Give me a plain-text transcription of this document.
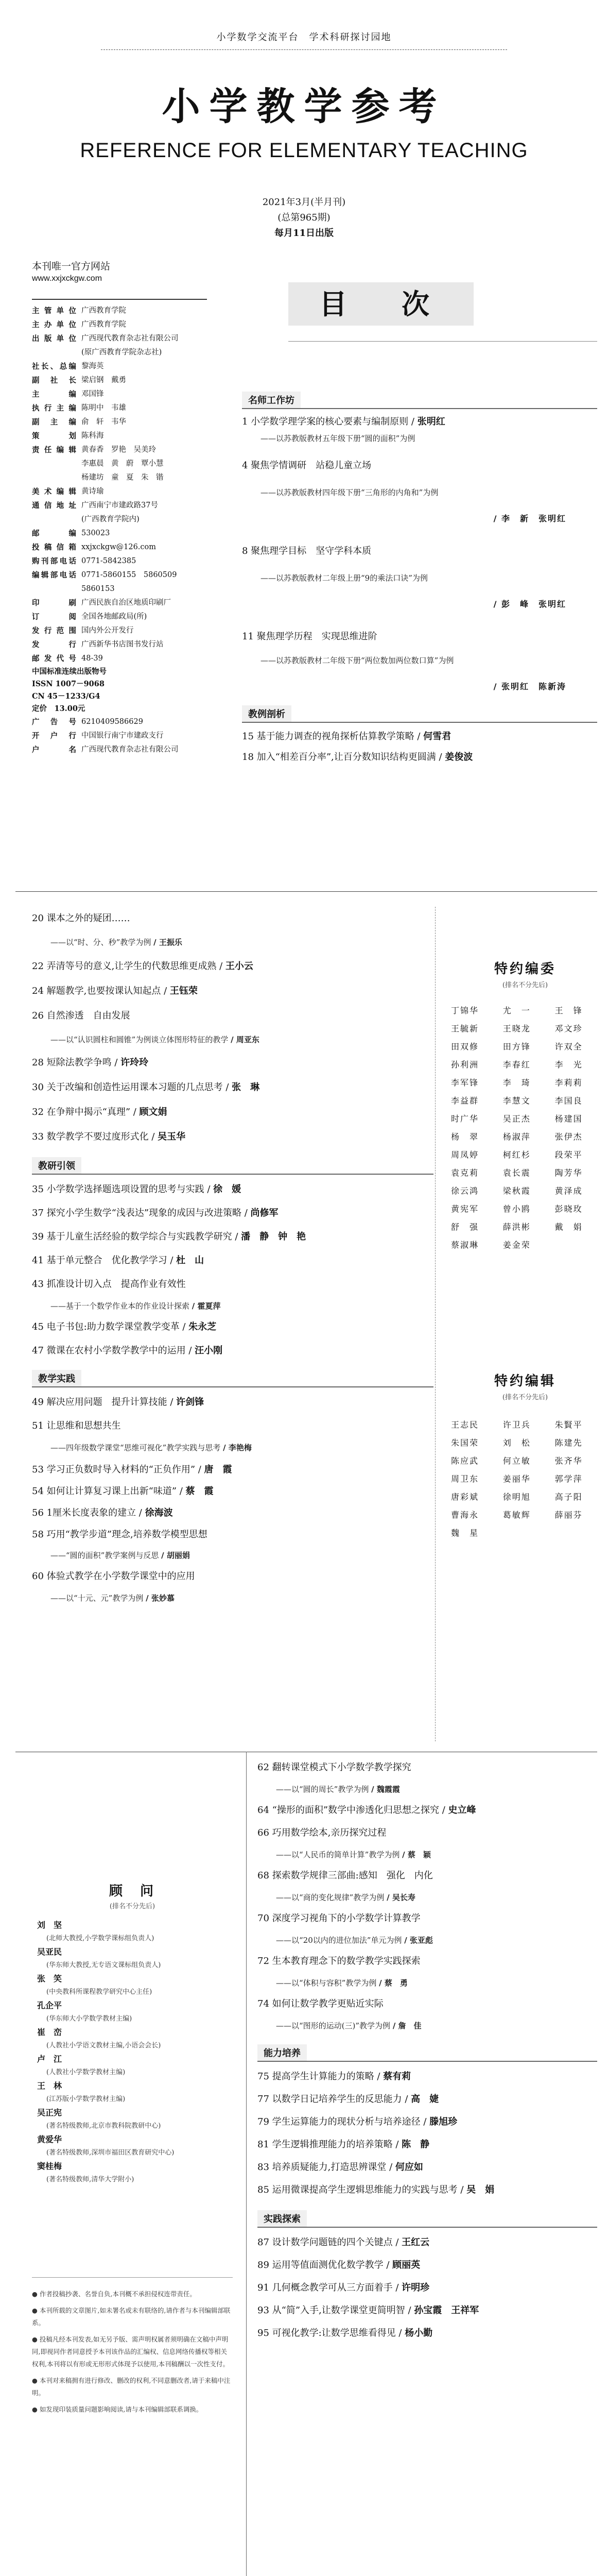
小学数学交流平台　学术科研探讨园地
小学教学参考
REFERENCE FOR ELEMENTARY TEACHING
2021年3月(半月刊)
(总第965期)
每月11日出版
本刊唯一官方网站
www.xxjxckgw.com
主管单位 广西教育学院
主办单位 广西教育学院
出版单位 广西现代教育杂志社有限公司
(原广西教育学院杂志社)
社长、总编 黎海英
副社长 梁启钢　戴勇
主编 邓国锋
执行主编 陈明中　韦雄
副主编 俞　轩　韦华
策划 陈科海
责任编辑 黄春香　罗艳　吴美玲
李惠晨　黄　蔚　覃小慧
杨建坊　童　夏　朱　锴
美术编辑 黄诗瑜
通信地址 广西南宁市建政路37号
(广西教育学院内)
邮编 530023
投稿信箱 xxjxckgw@126.com
购刊部电话 0771-5842385
编辑部电话 0771-5860155　5860509
5860153
印刷 广西民族自治区地质印刷厂
订阅 全国各地邮政局(所)
发行范围 国内外公开发行
发行 广西新华书店图书发行站
邮发代号 48-39
中国标准连续出版物号
ISSN 1007－9068
CN 45－1233/G4
定价　13.00元
广告号 6210409586629
开户行 中国银行南宁市建政支行
户名 广西现代教育杂志社有限公司
目　次
名师工作坊
1 小学数学理学案的核心要素与编制原则 / 张明红
——以苏教版教材五年级下册“圆的面积”为例
4 聚焦学情调研　站稳儿童立场
——以苏教版教材四年级下册“三角形的内角和”为例
/ 李　新　张明红
8 聚焦理学目标　坚守学科本质
——以苏教版教材二年级上册“9的乘法口诀”为例
/ 彭　峰　张明红
11 聚焦理学历程　实现思维进阶
——以苏教版教材二年级下册“两位数加两位数口算”为例
/ 张明红　陈新涛
教例剖析
15 基于能力调查的视角探析估算教学策略 / 何雪君
18 加入“相差百分率”,让百分数知识结构更圆满 / 姜俊波
20 课本之外的疑团……
——以“时、分、秒”教学为例 / 王振乐
22 弄清等号的意义,让学生的代数思维更成熟 / 王小云
24 解题教学,也要按课认知起点 / 王钰荣
26 自然渗透　自由发展
——以“认识圆柱和圆锥”为例谈立体图形特征的教学 / 周亚东
28 短除法教学争鸣 / 许玲玲
30 关于改编和创造性运用课本习题的几点思考 / 张　琳
32 在争辩中揭示“真理” / 顾文娟
33 数学教学不要过度形式化 / 吴玉华
教研引领
35 小学数学选择题选项设置的思考与实践 / 徐　媛
37 探究小学生数学“浅表达”现象的成因与改进策略 / 尚修军
39 基于儿童生活经验的数学综合与实践教学研究 / 潘　静　钟　艳
41 基于单元整合　优化教学学习 / 杜　山
43 抓准设计切入点　提高作业有效性
——基于一个数学作业本的作业设计探索 / 霍夏萍
45 电子书包:助力数学课堂教学变革 / 朱永芝
47 微课在农村小学数学教学中的运用 / 汪小刚
教学实践
49 解决应用问题　提升计算技能 / 许剑锋
51 让思维和思想共生
——四年级数学课堂“思维可视化”教学实践与思考 / 李艳梅
53 学习正负数时导入材料的“正负作用” / 唐　霞
54 如何让计算复习课上出新“味道” / 蔡　霞
56 1厘米长度表象的建立 / 徐海波
58 巧用“教学步道”理念,培养数学模型思想
——“圆的面积”教学案例与反思 / 胡丽娟
60 体验式教学在小学数学课堂中的应用
——以“十元、元”教学为例 / 张妙慕
特约编委
(排名不分先后)
丁锦华	尤　一	王　锋
王毓新	王晓龙	邓文珍
田双修	田方锋	许双全
孙利洲	李春红	李　光
李军锋	李　琦	李莉莉
李益群	李慧文	李国良
时广华	吴正杰	杨建国
杨　翠	杨淑萍	张伊杰
周凤婷	柯红杉	段荣平
袁克莉	袁长震	陶芳华
徐云鸿	梁秋霞	黄泽成
黄宪军	曾小鸥	彭晓玫
舒　强	薛洪彬	戴　娟
蔡淑琳	姜金荣
特约编辑
(排名不分先后)
王志民	许卫兵	朱賢平
朱国荣	刘　松	陈建先
陈应武	何立敏	张齐华
周卫东	姜丽华	郭学萍
唐彩斌	徐明旭	高子阳
曹海永	葛敏辉	薛丽芬
魏　星
顾　问
(排名不分先后)
刘　坚
(北师大教授,小学数学课标组负责人)
吴亚民
(华东师大教授,无专语文课标组负责人)
张　笑
(中央教科所课程教学研究中心主任)
孔企平
(华东师大小学数学教材主编)
崔　峦
(人教社小学语文教材主编,小语会会长)
卢　江
(人教社小学数学教材主编)
王　林
(江苏版小学数学教材主编)
吴正宪
(著名特级教师,北京市教科院教研中心)
黄爱华
(著名特级教师,深圳市福田区教育研究中心)
窦桂梅
(著名特级教师,清华大学附小)

● 作者投稿抄袭、名誉自负,本刊概不承担侵权连带责任。

● 本刊所载的文章图片,如未署名或未有联络的,请作者与本刊编辑部联系。

● 投稿凡经本刊发表,如无另予版、需声明权属者须明确在文稿中声明同,即视同作者同意授予本刊该作品的汇编权、信息网络传播权等相关权利,本刊将以有形或无形形式体现予以使用,本刊稿酬以一次性支付。

● 本刊对来稿拥有进行修改、删改的权利,不同意删改者,请于来稿中注明。

● 如发现印装质量问题影响阅读,请与本刊编辑部联系调换。

62 翻转课堂模式下小学数学教学探究
——以“圆的周长”教学为例 / 魏霞霞
64 “操形的面积”数学中渗透化归思想之探究 / 史立峰
66 巧用数学绘本,亲历探究过程
——以“人民币的简单计算”教学为例 / 蔡　颖
68 探索数学规律三部曲:感知　强化　内化
——以“商的变化规律”教学为例 / 吴长寿
70 深度学习视角下的小学数学计算教学
——以“20以内的进位加法”单元为例 / 张亚彪
72 生本教育理念下的数学教学实践探索
——以“体积与容积”教学为例 / 蔡　勇
74 如何让数学教学更贴近实际
——以“图形的运动(三)”教学为例 / 詹　佳
能力培养
75 提高学生计算能力的策略 / 蔡有莉
77 以数学日记培养学生的反思能力 / 高　婕
79 学生运算能力的现状分析与培养途径 / 滕旭珍
81 学生逻辑推理能力的培养策略 / 陈　静
83 培养质疑能力,打造思辨课堂 / 何应如
85 运用微课提高学生逻辑思维能力的实践与思考 / 吴　娟
实践探索
87 设计数学问题链的四个关键点 / 王红云
89 运用等值面测优化数学教学 / 顾丽英
91 几何概念教学可从三方面着手 / 许明珍
93 从“简”入手,让数学课堂更简明智 / 孙宝霞　王祥军
95 可视化教学:让数学思维看得见 / 杨小勤
